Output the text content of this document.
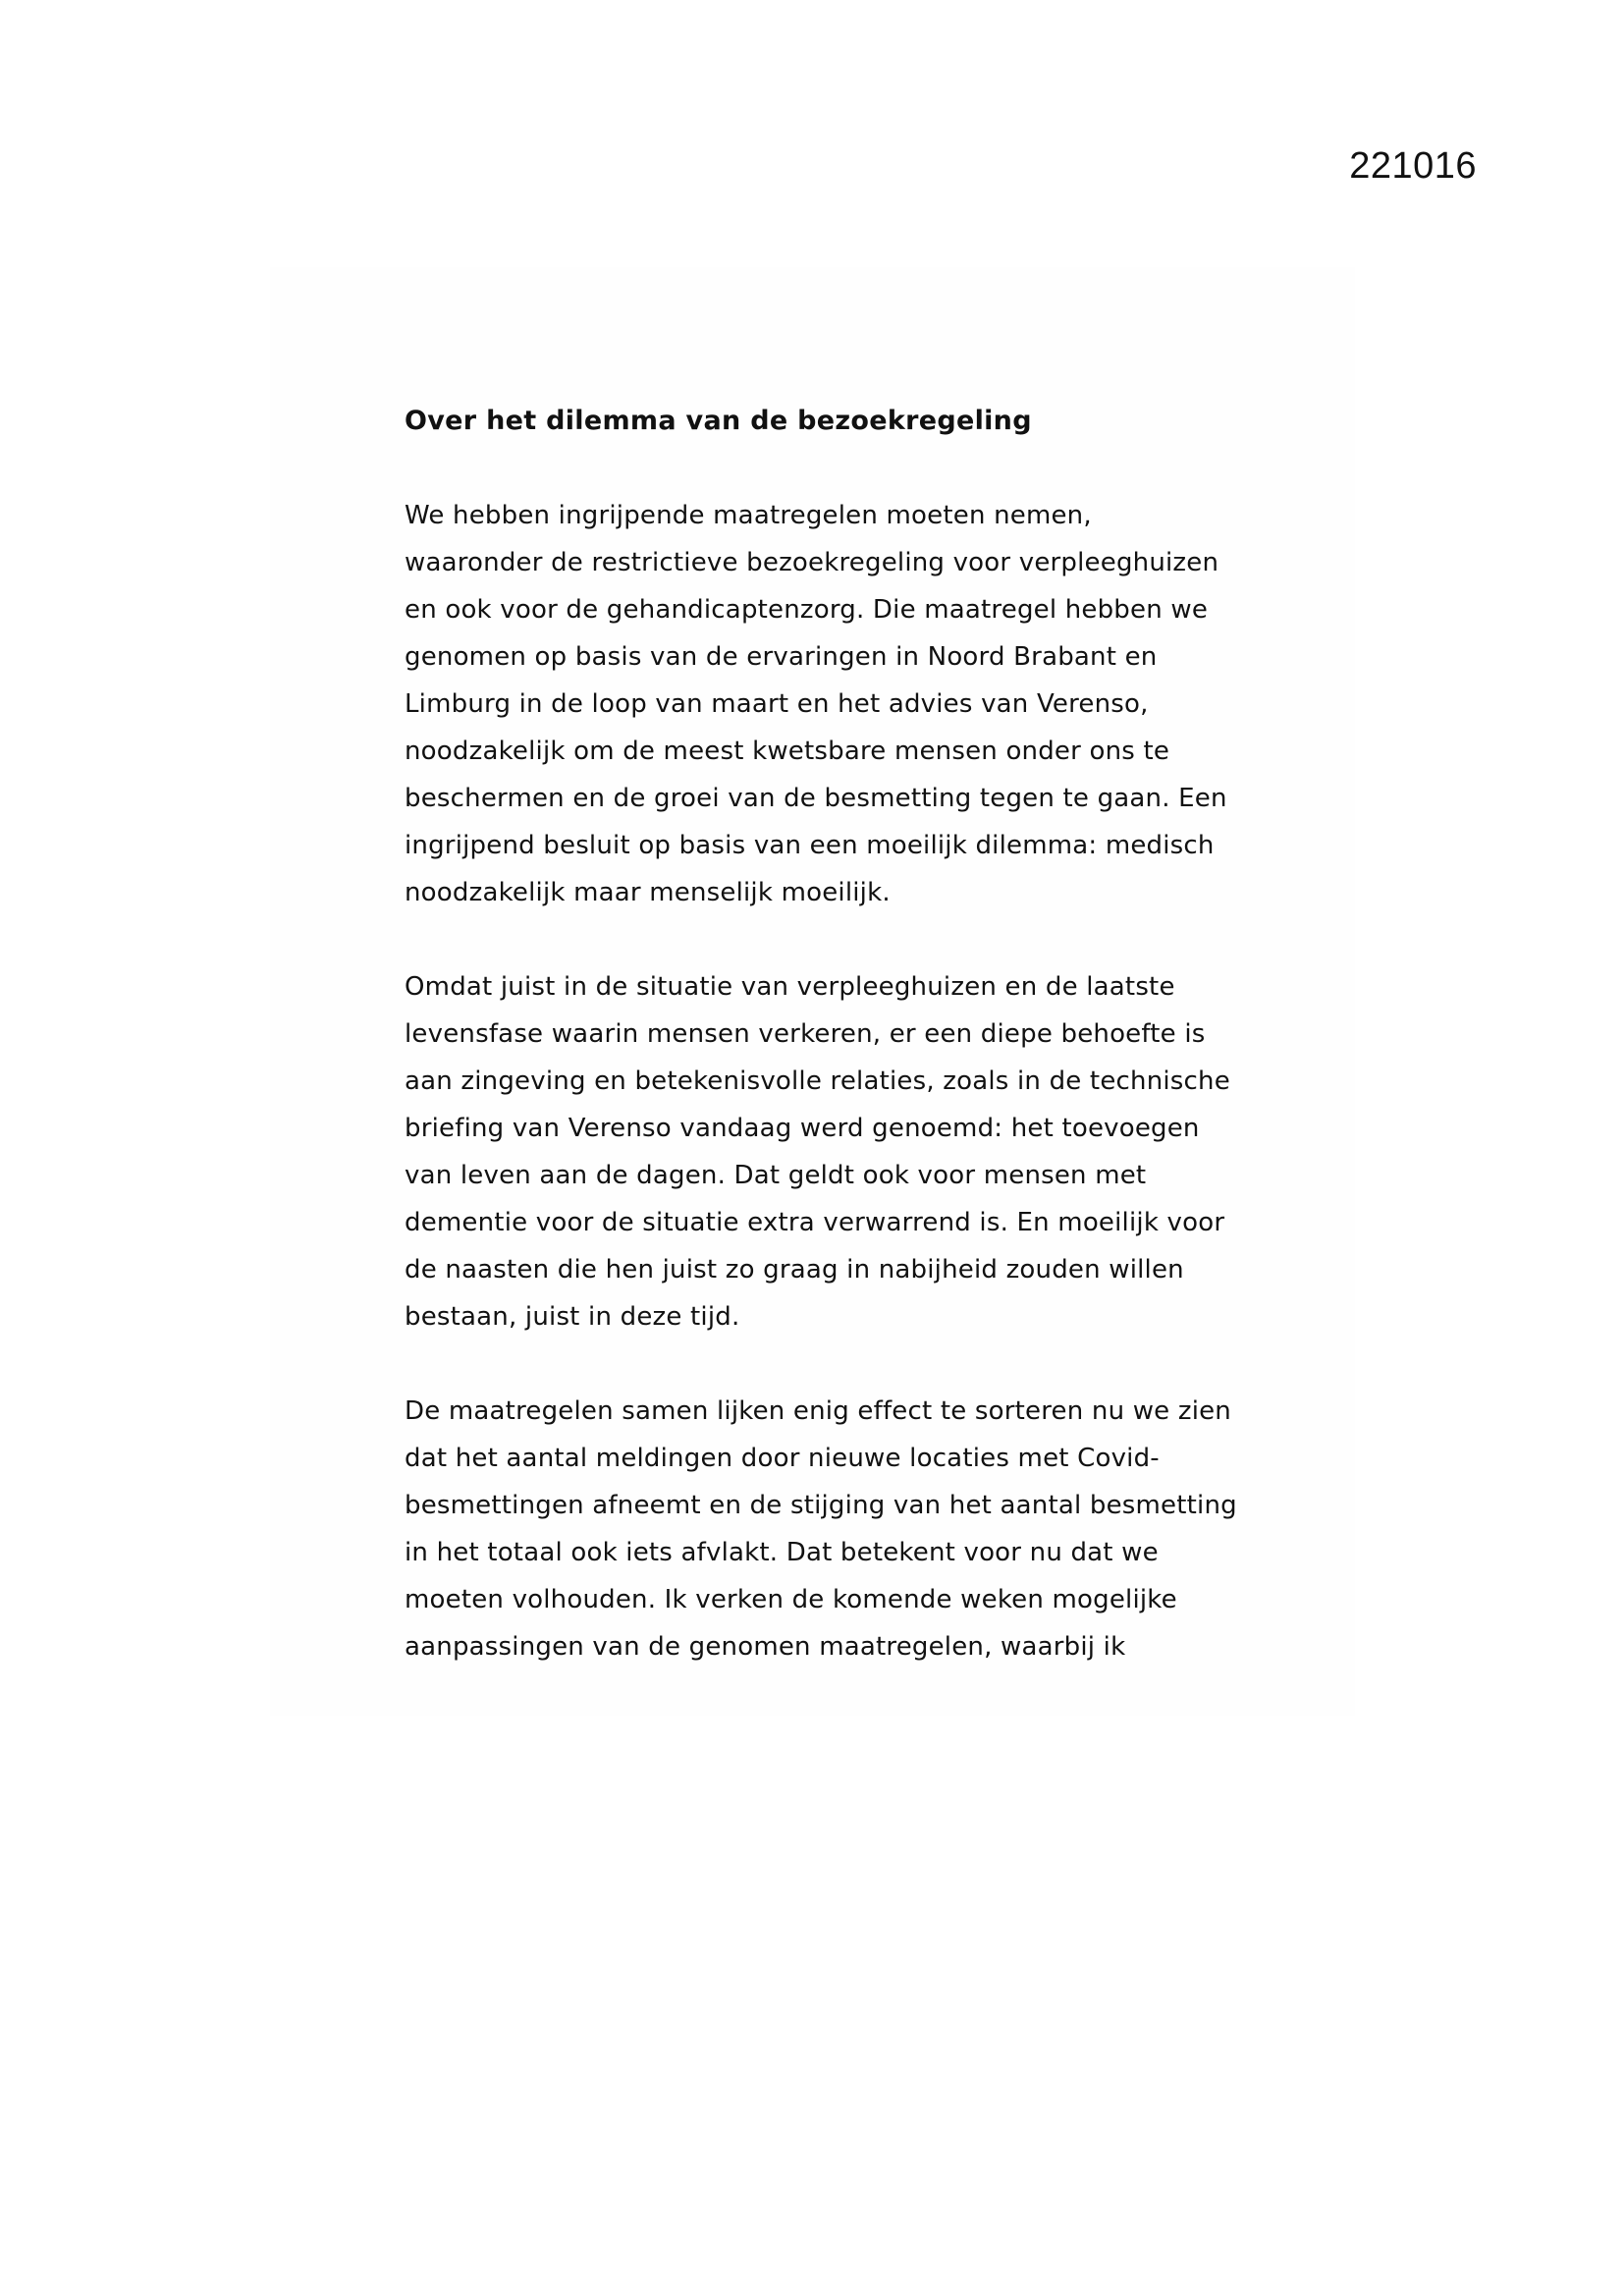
221016
Over het dilemma van de bezoekregeling
We hebben ingrijpende maatregelen moeten nemen,
waaronder de restrictieve bezoekregeling voor verpleeghuizen
en ook voor de gehandicaptenzorg. Die maatregel hebben we
genomen op basis van de ervaringen in Noord Brabant en
Limburg in de loop van maart en het advies van Verenso,
noodzakelijk om de meest kwetsbare mensen onder ons te
beschermen en de groei van de besmetting tegen te gaan. Een
ingrijpend besluit op basis van een moeilijk dilemma: medisch
noodzakelijk maar menselijk moeilijk.
Omdat juist in de situatie van verpleeghuizen en de laatste
levensfase waarin mensen verkeren, er een diepe behoefte is
aan zingeving en betekenisvolle relaties, zoals in de technische
briefing van Verenso vandaag werd genoemd: het toevoegen
van leven aan de dagen. Dat geldt ook voor mensen met
dementie voor de situatie extra verwarrend is. En moeilijk voor
de naasten die hen juist zo graag in nabijheid zouden willen
bestaan, juist in deze tijd.
De maatregelen samen lijken enig effect te sorteren nu we zien
dat het aantal meldingen door nieuwe locaties met Covid-
besmettingen afneemt en de stijging van het aantal besmetting
in het totaal ook iets afvlakt. Dat betekent voor nu dat we
moeten volhouden. Ik verken de komende weken mogelijke
aanpassingen van de genomen maatregelen, waarbij ik
